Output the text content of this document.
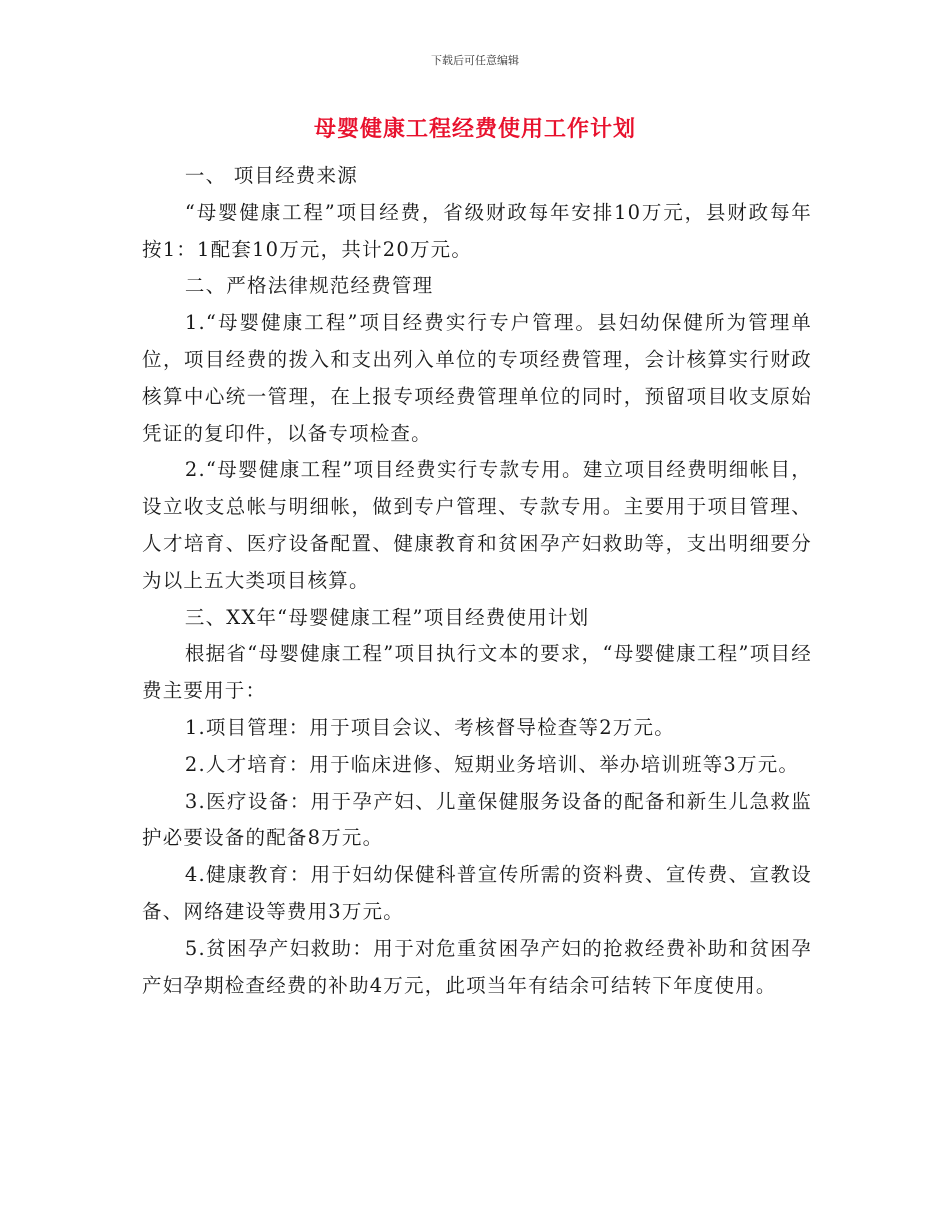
下载后可任意编辑
母婴健康工程经费使用工作计划

一、 项目经费来源

“母婴健康工程”项目经费，省级财政每年安排10万元，县财政每年按1：1配套10万元，共计20万元。

二、严格法律规范经费管理

1.“母婴健康工程”项目经费实行专户管理。县妇幼保健所为管理单位，项目经费的拨入和支出列入单位的专项经费管理，会计核算实行财政核算中心统一管理，在上报专项经费管理单位的同时，预留项目收支原始凭证的复印件，以备专项检查。

2.“母婴健康工程”项目经费实行专款专用。建立项目经费明细帐目，设立收支总帐与明细帐，做到专户管理、专款专用。主要用于项目管理、人才培育、医疗设备配置、健康教育和贫困孕产妇救助等，支出明细要分为以上五大类项目核算。

三、XX年“母婴健康工程”项目经费使用计划

根据省“母婴健康工程”项目执行文本的要求，“母婴健康工程”项目经费主要用于：

1.项目管理：用于项目会议、考核督导检查等2万元。

2.人才培育：用于临床进修、短期业务培训、举办培训班等3万元。

3.医疗设备：用于孕产妇、儿童保健服务设备的配备和新生儿急救监护必要设备的配备8万元。

4.健康教育：用于妇幼保健科普宣传所需的资料费、宣传费、宣教设备、网络建设等费用3万元。

5.贫困孕产妇救助：用于对危重贫困孕产妇的抢救经费补助和贫困孕产妇孕期检查经费的补助4万元，此项当年有结余可结转下年度使用。
